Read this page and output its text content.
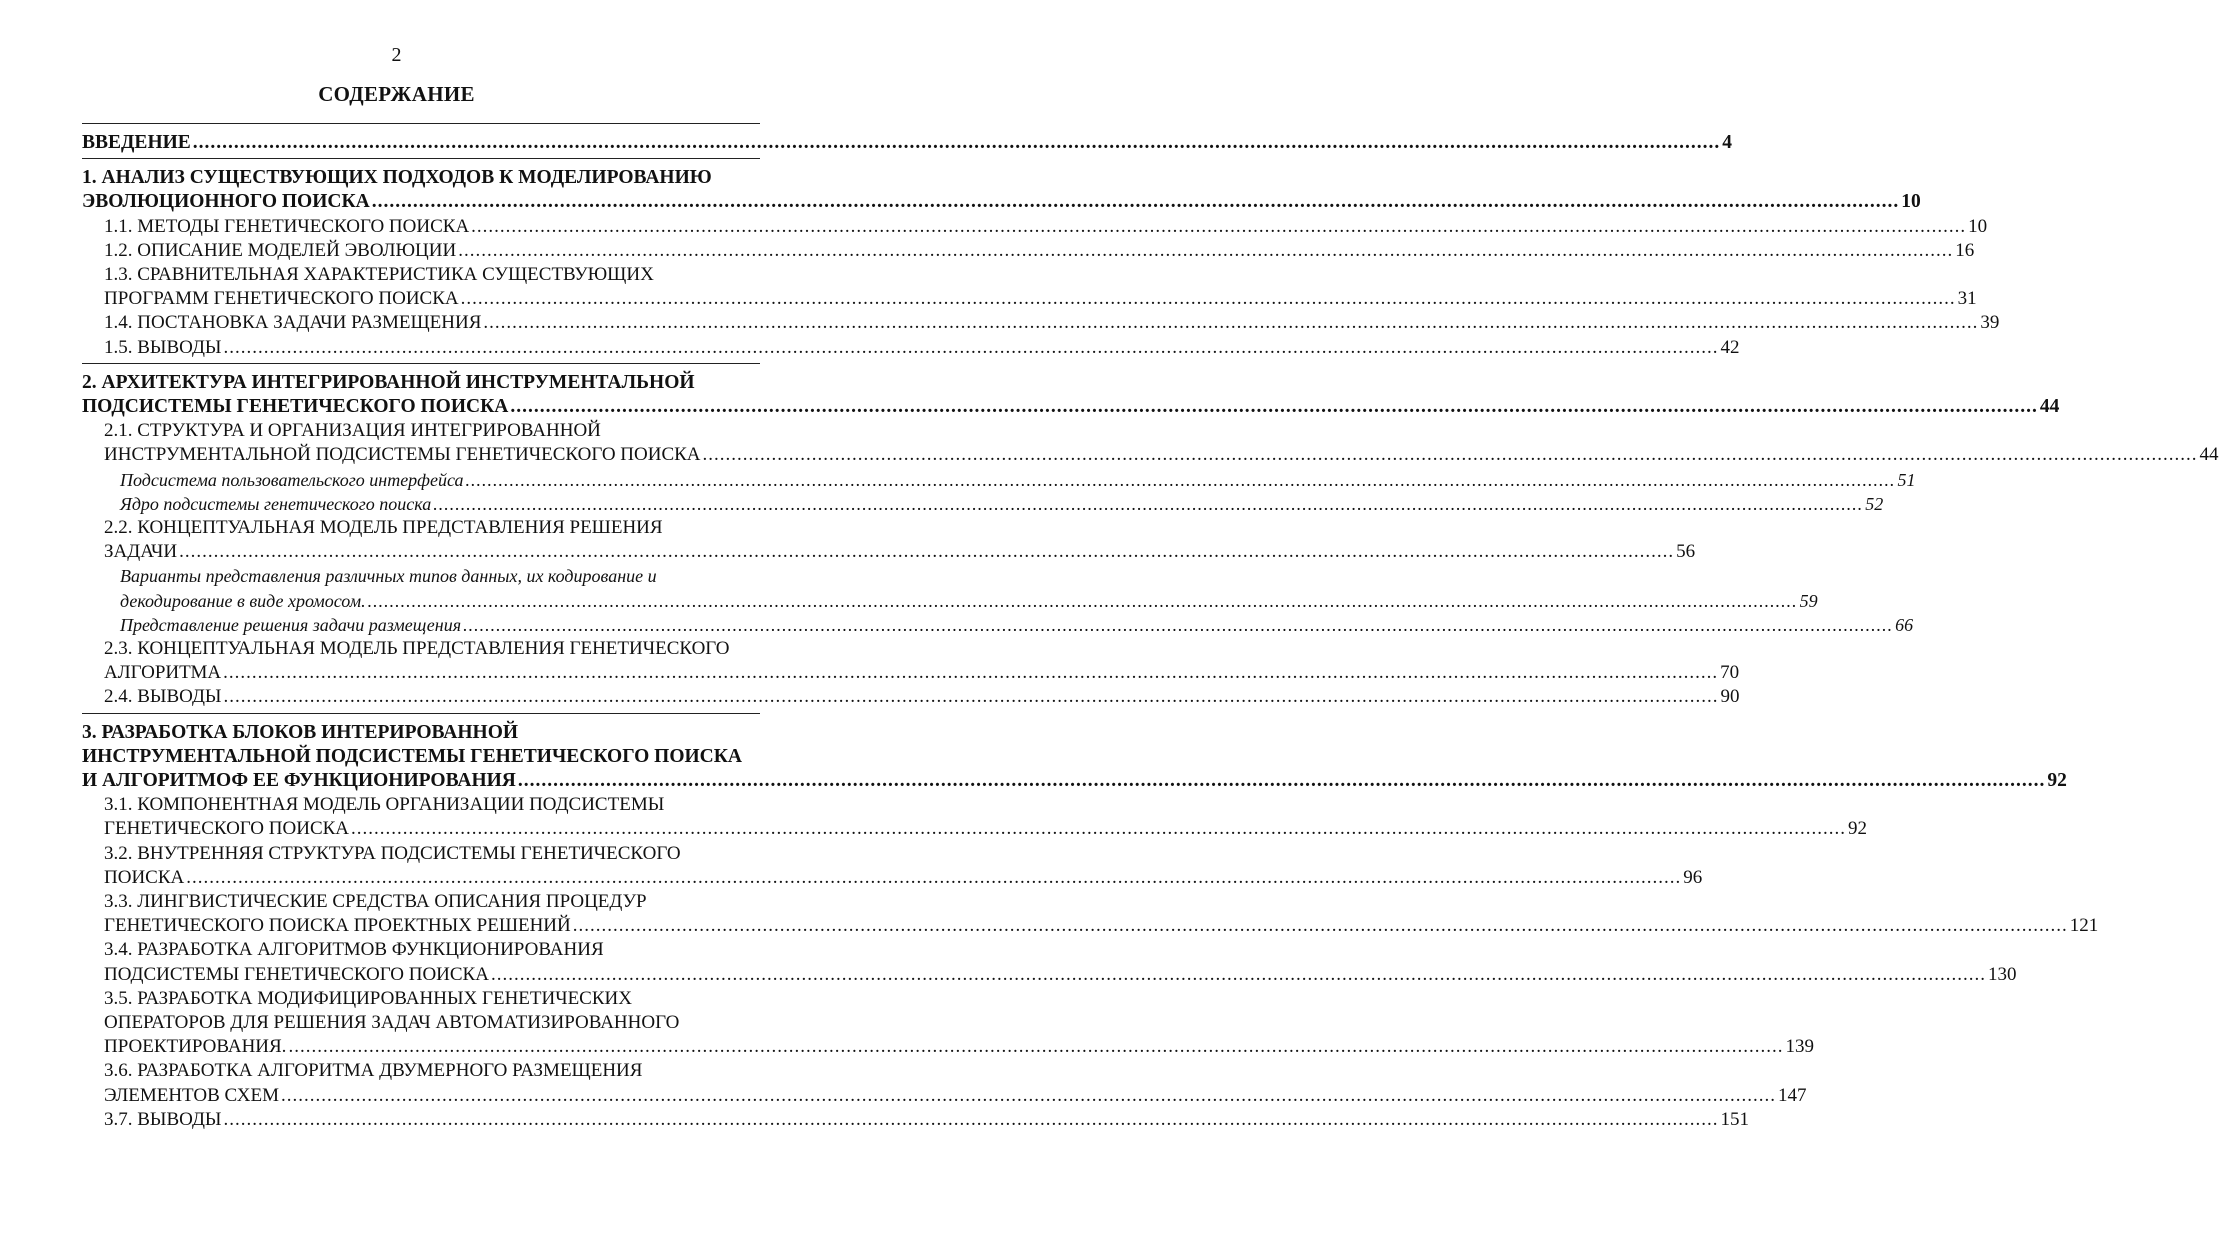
2
СОДЕРЖАНИЕ
ВВЕДЕНИЕ .................................................................................................................................................................................................................................................................... 4
1. АНАЛИЗ СУЩЕСТВУЮЩИХ ПОДХОДОВ К МОДЕЛИРОВАНИЮ
ЭВОЛЮЦИОННОГО ПОИСКА .................................................................................................................................................................................................................................................................... 10
1.1. МЕТОДЫ ГЕНЕТИЧЕСКОГО ПОИСКА .................................................................................................................................................................................................................................................................... 10
1.2. ОПИСАНИЕ МОДЕЛЕЙ ЭВОЛЮЦИИ .................................................................................................................................................................................................................................................................... 16
1.3. СРАВНИТЕЛЬНАЯ ХАРАКТЕРИСТИКА СУЩЕСТВУЮЩИХ
ПРОГРАММ ГЕНЕТИЧЕСКОГО ПОИСКА .................................................................................................................................................................................................................................................................... 31
1.4. ПОСТАНОВКА ЗАДАЧИ РАЗМЕЩЕНИЯ .................................................................................................................................................................................................................................................................... 39
1.5. ВЫВОДЫ .................................................................................................................................................................................................................................................................... 42
2. АРХИТЕКТУРА ИНТЕГРИРОВАННОЙ ИНСТРУМЕНТАЛЬНОЙ
ПОДСИСТЕМЫ ГЕНЕТИЧЕСКОГО ПОИСКА .................................................................................................................................................................................................................................................................... 44
2.1. СТРУКТУРА И ОРГАНИЗАЦИЯ ИНТЕГРИРОВАННОЙ
ИНСТРУМЕНТАЛЬНОЙ ПОДСИСТЕМЫ ГЕНЕТИЧЕСКОГО ПОИСКА .................................................................................................................................................................................................................................................................... 44
Подсистема пользовательского интерфейса .................................................................................................................................................................................................................................................................... 51
Ядро подсистемы генетического поиска .................................................................................................................................................................................................................................................................... 52
2.2. КОНЦЕПТУАЛЬНАЯ МОДЕЛЬ ПРЕДСТАВЛЕНИЯ РЕШЕНИЯ
ЗАДАЧИ .................................................................................................................................................................................................................................................................... 56
Варианты представления различных типов данных, их кодирование и
декодирование в виде хромосом. .................................................................................................................................................................................................................................................................... 59
Представление решения задачи размещения .................................................................................................................................................................................................................................................................... 66
2.3. КОНЦЕПТУАЛЬНАЯ МОДЕЛЬ ПРЕДСТАВЛЕНИЯ ГЕНЕТИЧЕСКОГО
АЛГОРИТМА .................................................................................................................................................................................................................................................................... 70
2.4. ВЫВОДЫ .................................................................................................................................................................................................................................................................... 90
3. РАЗРАБОТКА БЛОКОВ ИНТЕРИРОВАННОЙ
ИНСТРУМЕНТАЛЬНОЙ ПОДСИСТЕМЫ ГЕНЕТИЧЕСКОГО ПОИСКА
И АЛГОРИТМОФ ЕЕ ФУНКЦИОНИРОВАНИЯ .................................................................................................................................................................................................................................................................... 92
3.1. КОМПОНЕНТНАЯ МОДЕЛЬ ОРГАНИЗАЦИИ ПОДСИСТЕМЫ
ГЕНЕТИЧЕСКОГО ПОИСКА .................................................................................................................................................................................................................................................................... 92
3.2. ВНУТРЕННЯЯ СТРУКТУРА ПОДСИСТЕМЫ ГЕНЕТИЧЕСКОГО
ПОИСКА .................................................................................................................................................................................................................................................................... 96
3.3. ЛИНГВИСТИЧЕСКИЕ СРЕДСТВА ОПИСАНИЯ ПРОЦЕДУР
ГЕНЕТИЧЕСКОГО ПОИСКА ПРОЕКТНЫХ РЕШЕНИЙ .................................................................................................................................................................................................................................................................... 121
3.4. РАЗРАБОТКА АЛГОРИТМОВ ФУНКЦИОНИРОВАНИЯ
ПОДСИСТЕМЫ ГЕНЕТИЧЕСКОГО ПОИСКА .................................................................................................................................................................................................................................................................... 130
3.5. РАЗРАБОТКА МОДИФИЦИРОВАННЫХ ГЕНЕТИЧЕСКИХ
ОПЕРАТОРОВ ДЛЯ РЕШЕНИЯ ЗАДАЧ АВТОМАТИЗИРОВАННОГО
ПРОЕКТИРОВАНИЯ. .................................................................................................................................................................................................................................................................... 139
3.6. РАЗРАБОТКА АЛГОРИТМА ДВУМЕРНОГО РАЗМЕЩЕНИЯ
ЭЛЕМЕНТОВ СХЕМ .................................................................................................................................................................................................................................................................... 147
3.7. ВЫВОДЫ .................................................................................................................................................................................................................................................................... 151
